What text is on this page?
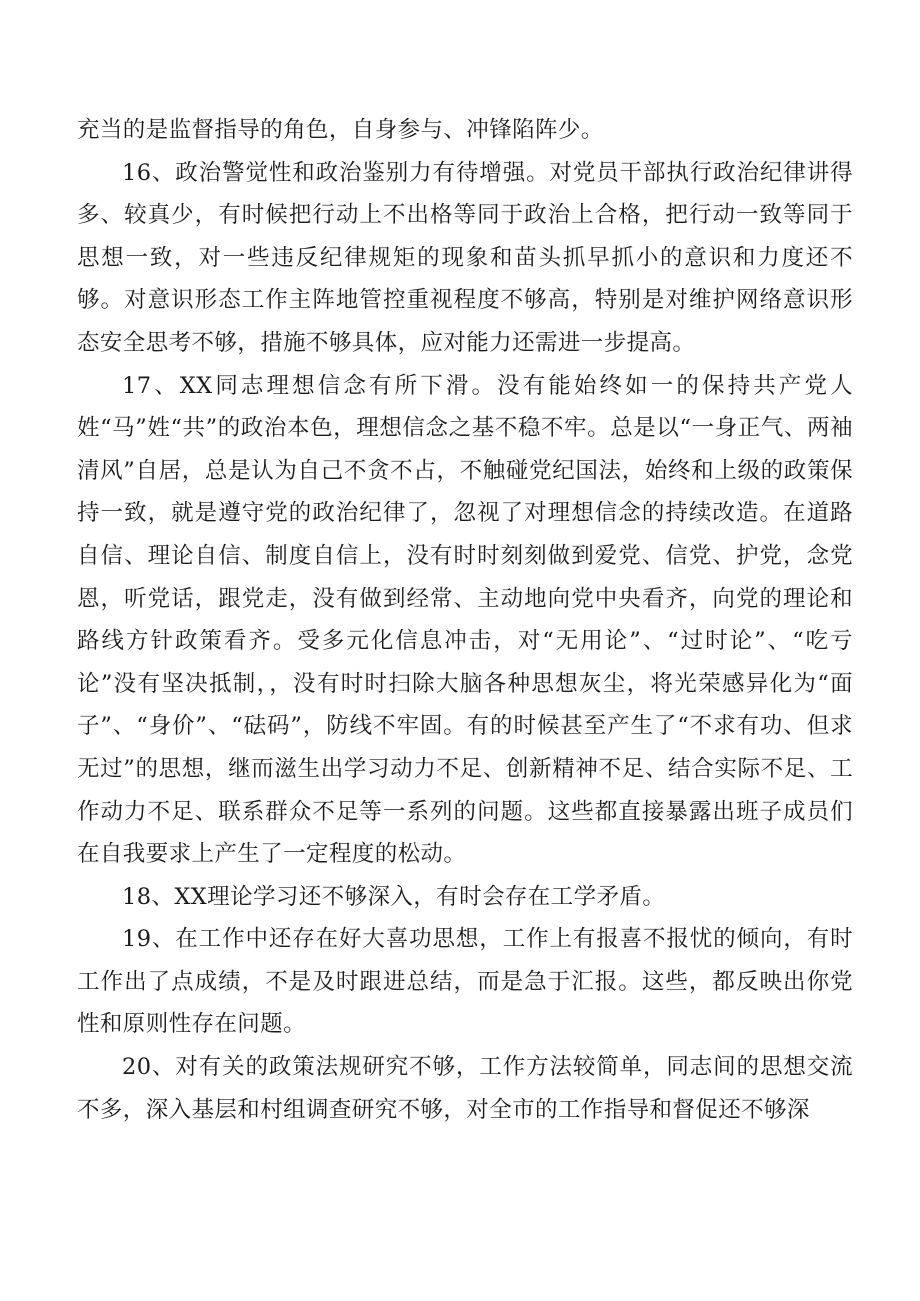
充当的是监督指导的角色，自身参与、冲锋陷阵少。

16、政治警觉性和政治鉴别力有待增强。对党员干部执行政治纪律讲得多、较真少，有时候把行动上不出格等同于政治上合格，把行动一致等同于思想一致，对一些违反纪律规矩的现象和苗头抓早抓小的意识和力度还不够。对意识形态工作主阵地管控重视程度不够高，特别是对维护网络意识形态安全思考不够，措施不够具体，应对能力还需进一步提高。

17、XX同志理想信念有所下滑。没有能始终如一的保持共产党人姓“马”姓“共”的政治本色，理想信念之基不稳不牢。总是以“一身正气、两袖清风”自居，总是认为自己不贪不占，不触碰党纪国法，始终和上级的政策保持一致，就是遵守党的政治纪律了，忽视了对理想信念的持续改造。在道路自信、理论自信、制度自信上，没有时时刻刻做到爱党、信党、护党，念党恩，听党话，跟党走，没有做到经常、主动地向党中央看齐，向党的理论和路线方针政策看齐。受多元化信息冲击，对“无用论”、“过时论”、“吃亏论”没有坚决抵制，，没有时时扫除大脑各种思想灰尘，将光荣感异化为“面子”、“身价”、“砝码”，防线不牢固。有的时候甚至产生了“不求有功、但求无过”的思想，继而滋生出学习动力不足、创新精神不足、结合实际不足、工作动力不足、联系群众不足等一系列的问题。这些都直接暴露出班子成员们在自我要求上产生了一定程度的松动。

18、XX理论学习还不够深入，有时会存在工学矛盾。

19、在工作中还存在好大喜功思想，工作上有报喜不报忧的倾向，有时工作出了点成绩，不是及时跟进总结，而是急于汇报。这些，都反映出你党性和原则性存在问题。

20、对有关的政策法规研究不够，工作方法较简单，同志间的思想交流不多，深入基层和村组调查研究不够，对全市的工作指导和督促还不够深
